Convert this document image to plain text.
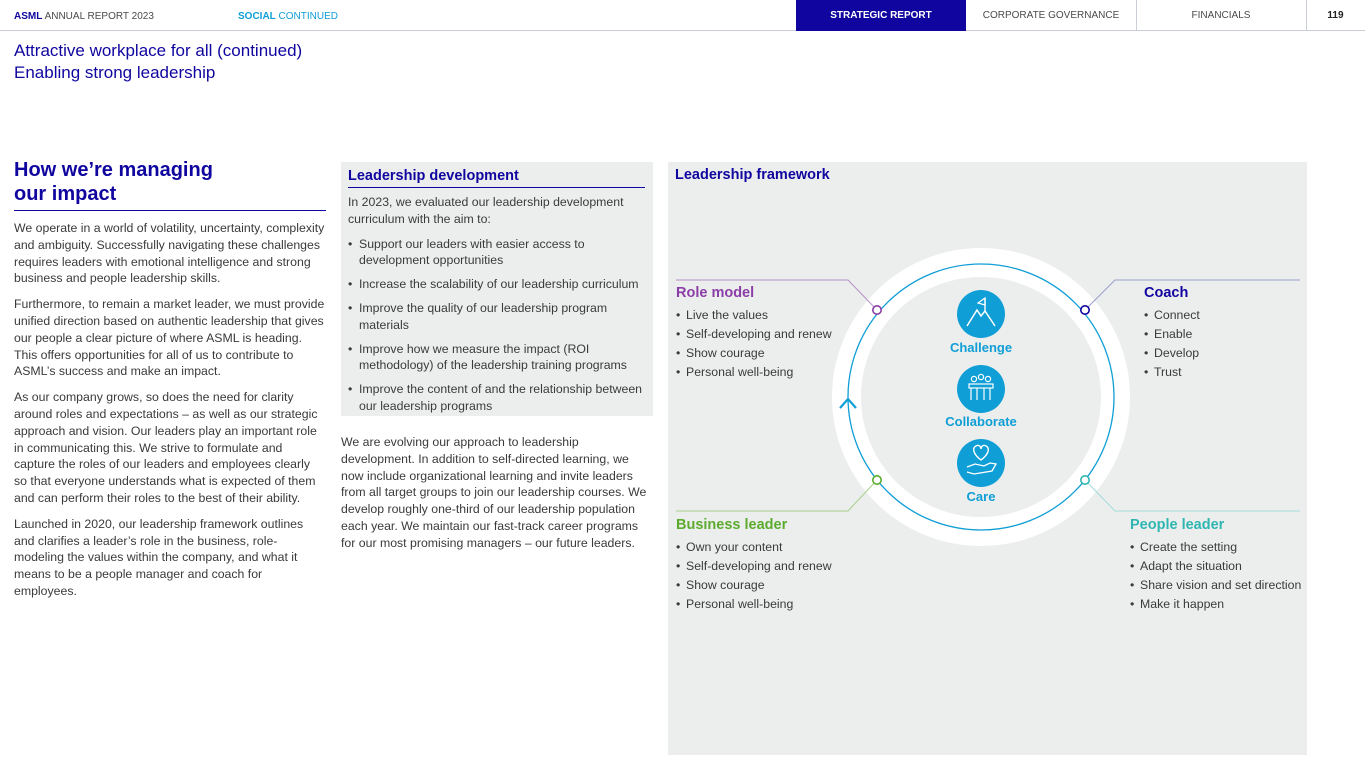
ASML ANNUAL REPORT 2023	SOCIAL CONTINUED	STRATEGIC REPORT	CORPORATE GOVERNANCE	FINANCIALS	119
Attractive workplace for all (continued)
Enabling strong leadership
How we’re managing
our impact

We operate in a world of volatility, uncertainty, complexity and ambiguity. Successfully navigating these challenges requires leaders with emotional intelligence and strong business and people leadership skills.

Furthermore, to remain a market leader, we must provide unified direction based on authentic leadership that gives our people a clear picture of where ASML is heading. This offers opportunities for all of us to contribute to ASML’s success and make an impact.

As our company grows, so does the need for clarity around roles and expectations – as well as our strategic approach and vision. Our leaders play an important role in communicating this. We strive to formulate and capture the roles of our leaders and employees clearly so that everyone understands what is expected of them and can perform their roles to the best of their ability.

Launched in 2020, our leadership framework outlines and clarifies a leader’s role in the business, role-modeling the values within the company, and what it means to be a people manager and coach for employees.

Leadership development

In 2023, we evaluated our leadership development curriculum with the aim to:

• Support our leaders with easier access to development opportunities
• Increase the scalability of our leadership curriculum
• Improve the quality of our leadership program materials
• Improve how we measure the impact (ROI methodology) of the leadership training programs
• Improve the content of and the relationship between our leadership programs
We are evolving our approach to leadership development. In addition to self-directed learning, we now include organizational learning and invite leaders from all target groups to join our leadership courses. We develop roughly one-third of our leadership population each year. We maintain our fast-track career programs for our most promising managers – our future leaders.
Leadership framework
Challenge
Collaborate
Care
Role model
• Live the values
• Self-developing and renew
• Show courage
• Personal well-being
Coach
• Connect
• Enable
• Develop
• Trust
Business leader
• Own your content
• Self-developing and renew
• Show courage
• Personal well-being
People leader
• Create the setting
• Adapt the situation
• Share vision and set direction
• Make it happen
